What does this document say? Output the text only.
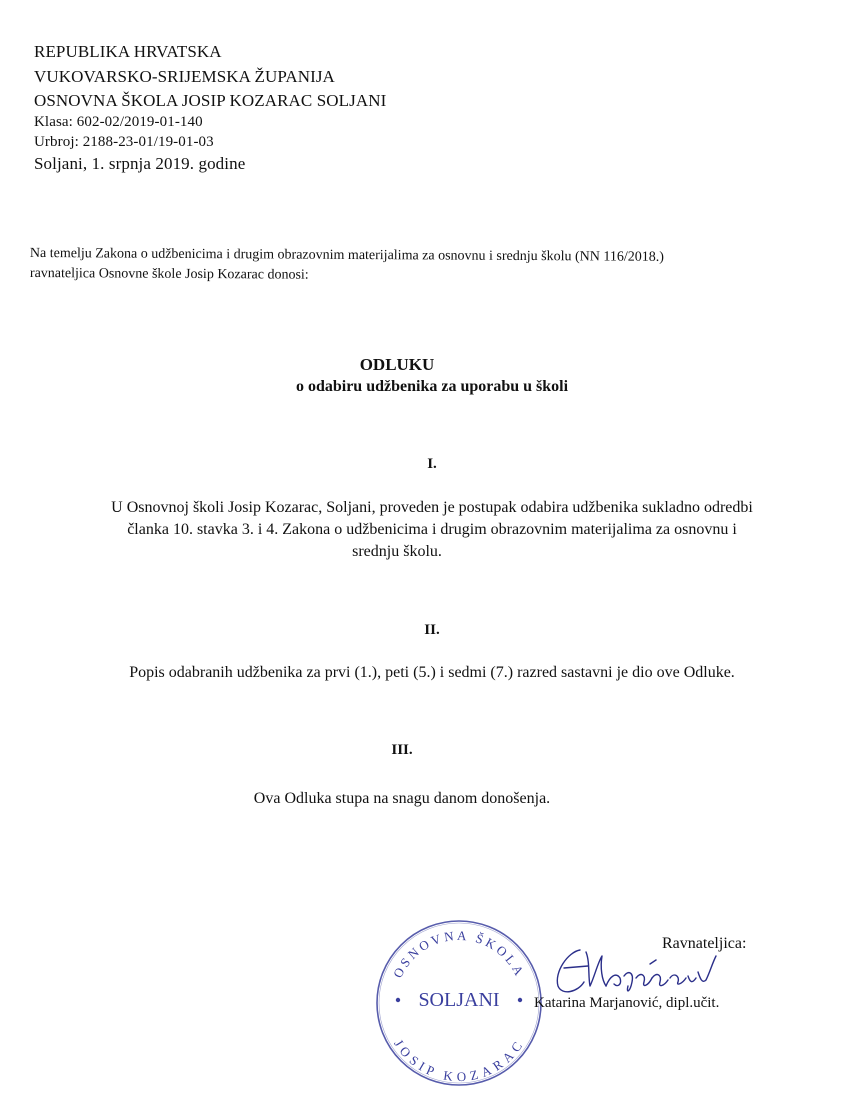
REPUBLIKA HRVATSKA
VUKOVARSKO-SRIJEMSKA ŽUPANIJA
OSNOVNA ŠKOLA JOSIP KOZARAC SOLJANI
Klasa: 602-02/2019-01-140
Urbroj: 2188-23-01/19-01-03
Soljani, 1. srpnja 2019. godine
Na temelju Zakona o udžbenicima i drugim obrazovnim materijalima za osnovnu i srednju školu (NN 116/2018.)
ravnateljica Osnovne škole Josip Kozarac donosi:
ODLUKU
o odabiru udžbenika za uporabu u školi
I.
U Osnovnoj školi Josip Kozarac, Soljani, proveden je postupak odabira udžbenika sukladno odredbi
članka 10. stavka 3. i 4. Zakona o udžbenicima i drugim obrazovnim materijalima za osnovnu i
srednju školu.
II.
Popis odabranih udžbenika za prvi (1.), peti (5.) i sedmi (7.) razred sastavni je dio ove Odluke.
III.
Ova Odluka stupa na snagu danom donošenja.
OSNOVNA ŠKOLA
JOSIP KOZARAC
SOLJANI
Ravnateljica:
Katarina Marjanović, dipl.učit.
